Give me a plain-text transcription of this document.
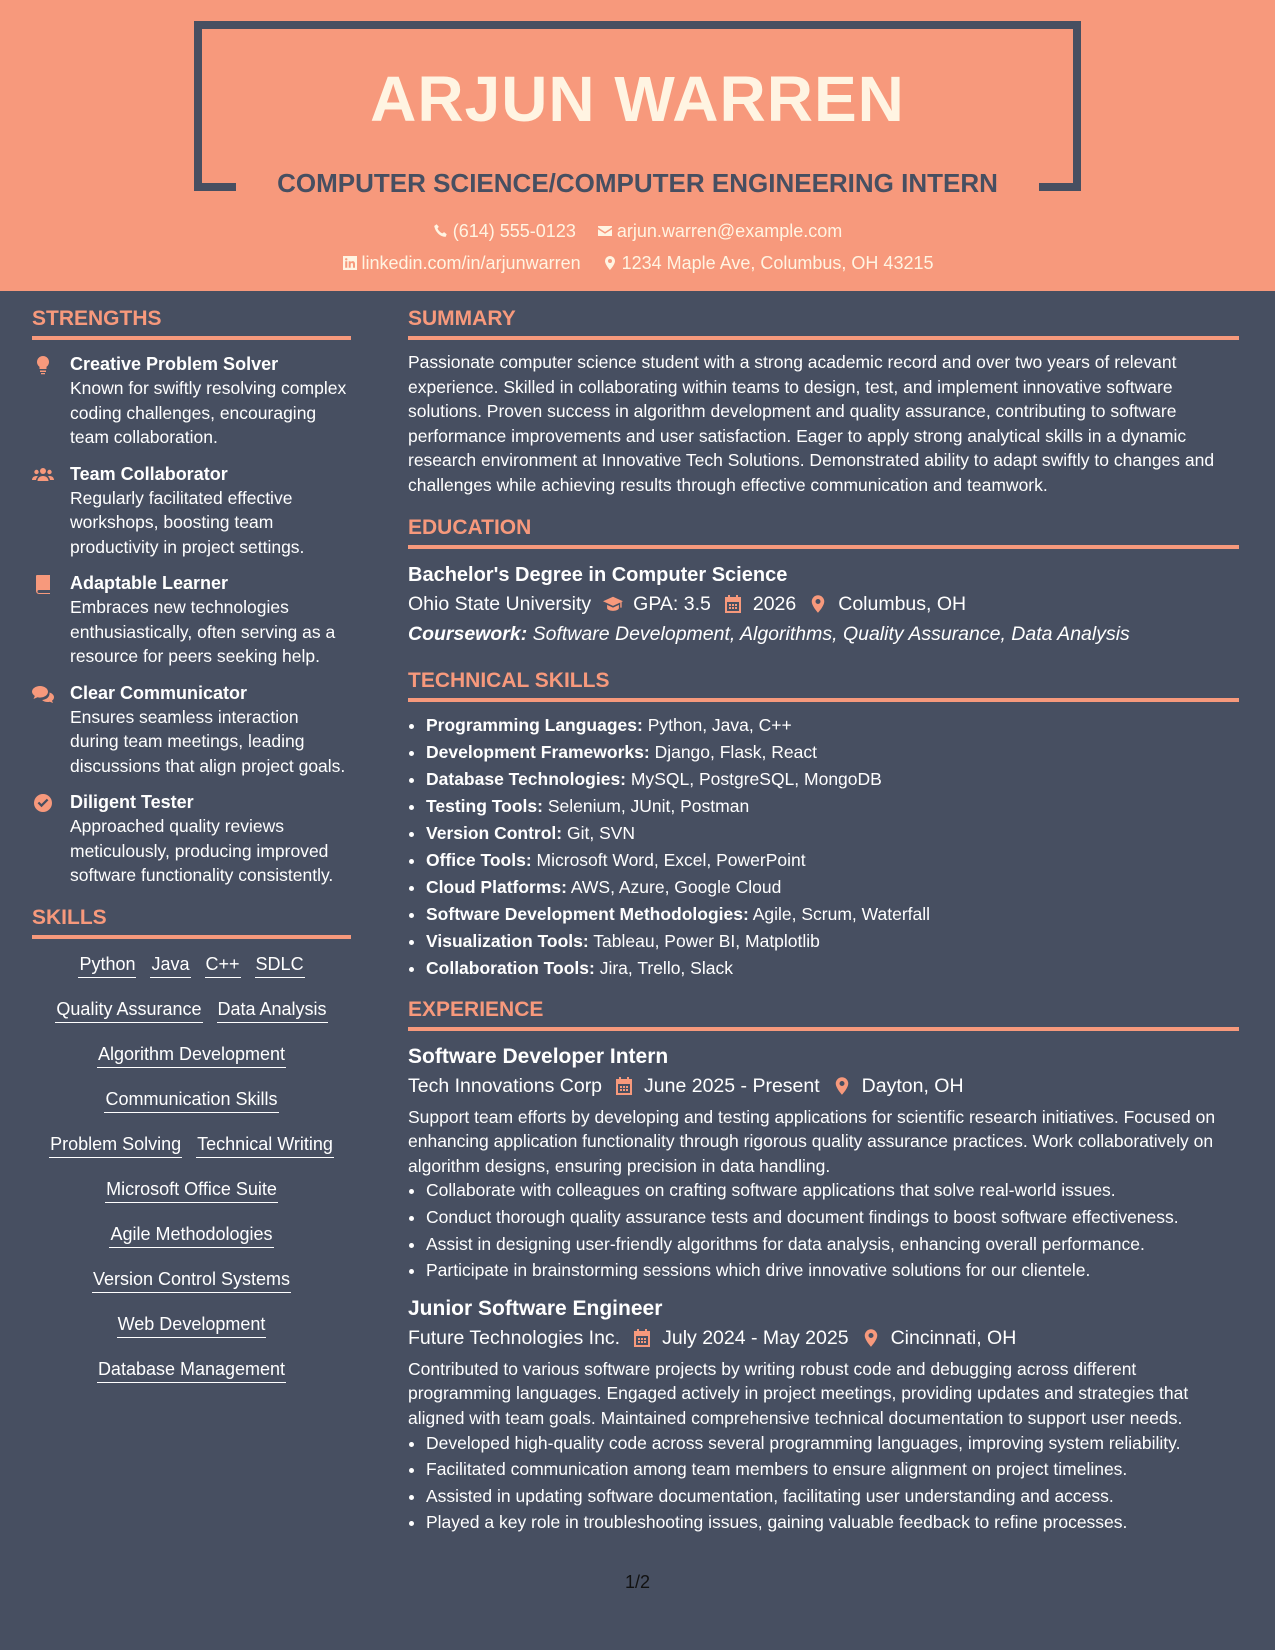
ARJUN WARREN
COMPUTER SCIENCE/COMPUTER ENGINEERING INTERN
(614) 555-0123 arjun.warren@example.com
linkedin.com/in/arjunwarren 1234 Maple Ave, Columbus, OH 43215
STRENGTHS
Creative Problem Solver
Known for swiftly resolving complex coding challenges, encouraging team collaboration.
Team Collaborator
Regularly facilitated effective workshops, boosting team productivity in project settings.
Adaptable Learner
Embraces new technologies enthusiastically, often serving as a resource for peers seeking help.
Clear Communicator
Ensures seamless interaction during team meetings, leading discussions that align project goals.
Diligent Tester
Approached quality reviews meticulously, producing improved software functionality consistently.
SKILLS
Python Java C++ SDLC
Quality Assurance Data Analysis
Algorithm Development
Communication Skills
Problem Solving Technical Writing
Microsoft Office Suite
Agile Methodologies
Version Control Systems
Web Development
Database Management
SUMMARY
Passionate computer science student with a strong academic record and over two years of relevant experience. Skilled in collaborating within teams to design, test, and implement innovative software solutions. Proven success in algorithm development and quality assurance, contributing to software performance improvements and user satisfaction. Eager to apply strong analytical skills in a dynamic research environment at Innovative Tech Solutions. Demonstrated ability to adapt swiftly to changes and challenges while achieving results through effective communication and teamwork.
EDUCATION
Bachelor's Degree in Computer Science
Ohio State University GPA: 3.5 2026 Columbus, OH
Coursework: Software Development, Algorithms, Quality Assurance, Data Analysis
TECHNICAL SKILLS
• Programming Languages: Python, Java, C++
• Development Frameworks: Django, Flask, React
• Database Technologies: MySQL, PostgreSQL, MongoDB
• Testing Tools: Selenium, JUnit, Postman
• Version Control: Git, SVN
• Office Tools: Microsoft Word, Excel, PowerPoint
• Cloud Platforms: AWS, Azure, Google Cloud
• Software Development Methodologies: Agile, Scrum, Waterfall
• Visualization Tools: Tableau, Power BI, Matplotlib
• Collaboration Tools: Jira, Trello, Slack
EXPERIENCE
Software Developer Intern
Tech Innovations Corp June 2025 - Present Dayton, OH
Support team efforts by developing and testing applications for scientific research initiatives. Focused on enhancing application functionality through rigorous quality assurance practices. Work collaboratively on algorithm designs, ensuring precision in data handling.
• Collaborate with colleagues on crafting software applications that solve real-world issues.
• Conduct thorough quality assurance tests and document findings to boost software effectiveness.
• Assist in designing user-friendly algorithms for data analysis, enhancing overall performance.
• Participate in brainstorming sessions which drive innovative solutions for our clientele.
Junior Software Engineer
Future Technologies Inc. July 2024 - May 2025 Cincinnati, OH
Contributed to various software projects by writing robust code and debugging across different programming languages. Engaged actively in project meetings, providing updates and strategies that aligned with team goals. Maintained comprehensive technical documentation to support user needs.
• Developed high-quality code across several programming languages, improving system reliability.
• Facilitated communication among team members to ensure alignment on project timelines.
• Assisted in updating software documentation, facilitating user understanding and access.
• Played a key role in troubleshooting issues, gaining valuable feedback to refine processes.
1/2
